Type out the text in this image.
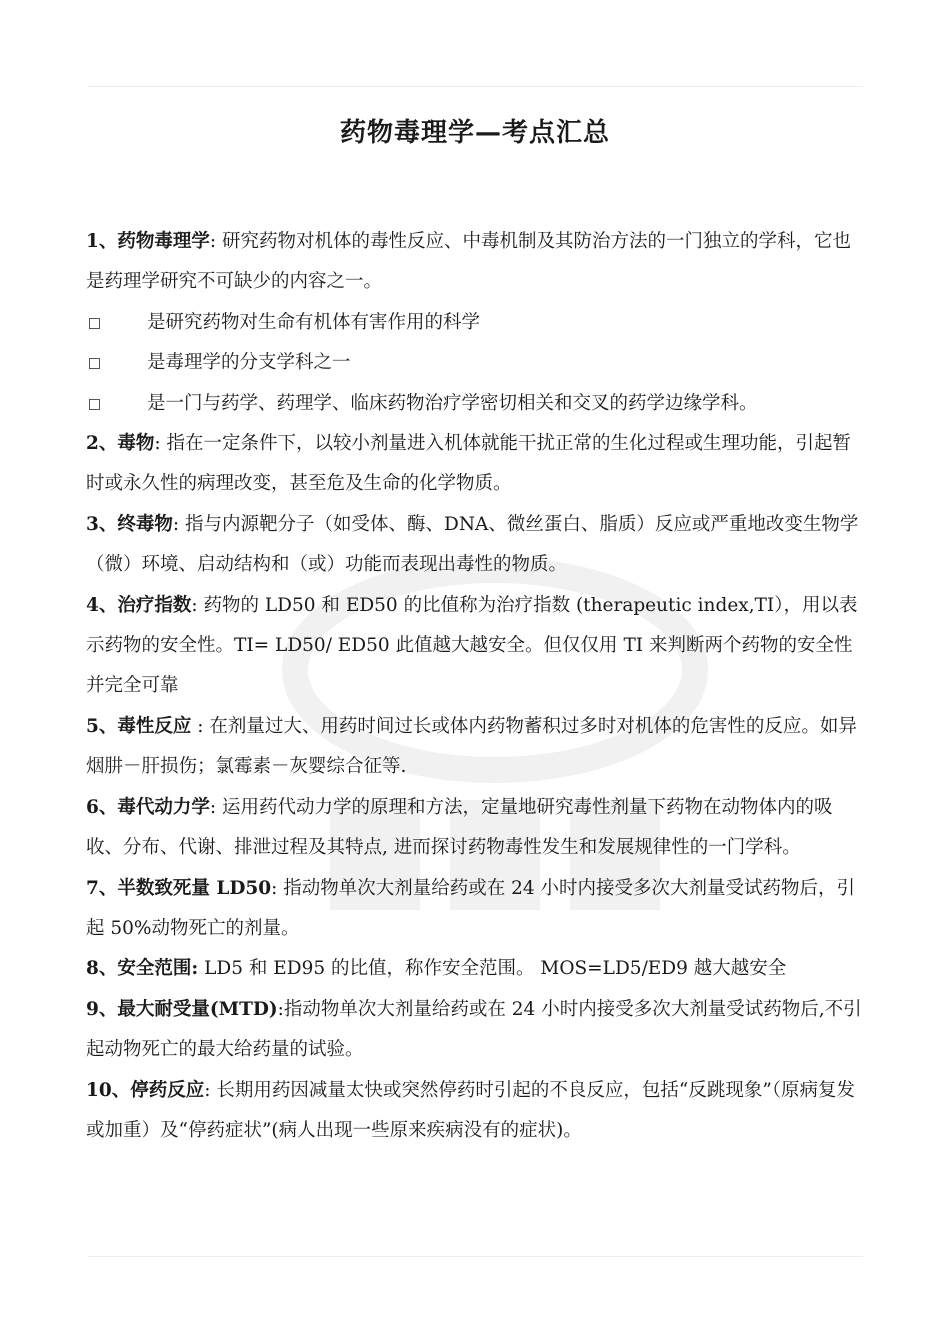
药物毒理学—考点汇总

1、药物毒理学: 研究药物对机体的毒性反应、中毒机制及其防治方法的一门独立的学科，它也是药理学研究不可缺少的内容之一。

是研究药物对生命有机体有害作用的科学
是毒理学的分支学科之一
是一门与药学、药理学、临床药物治疗学密切相关和交叉的药学边缘学科。

2、毒物: 指在一定条件下，以较小剂量进入机体就能干扰正常的生化过程或生理功能，引起暂时或永久性的病理改变，甚至危及生命的化学物质。

3、终毒物: 指与内源靶分子（如受体、酶、DNA、微丝蛋白、脂质）反应或严重地改变生物学（微）环境、启动结构和（或）功能而表现出毒性的物质。

4、治疗指数: 药物的 LD50 和 ED50 的比值称为治疗指数 (therapeutic index,TI），用以表示药物的安全性。TI= LD50/ ED50 此值越大越安全。但仅仅用 TI 来判断两个药物的安全性并完全可靠

5、毒性反应 : 在剂量过大、用药时间过长或体内药物蓄积过多时对机体的危害性的反应。如异烟肼－肝损伤；氯霉素－灰婴综合征等.

6、毒代动力学: 运用药代动力学的原理和方法，定量地研究毒性剂量下药物在动物体内的吸收、分布、代谢、排泄过程及其特点, 进而探讨药物毒性发生和发展规律性的一门学科。

7、半数致死量 LD50: 指动物单次大剂量给药或在 24 小时内接受多次大剂量受试药物后，引起 50%动物死亡的剂量。

8、安全范围: LD5 和 ED95 的比值，称作安全范围。 MOS=LD5/ED9 越大越安全

9、最大耐受量(MTD):指动物单次大剂量给药或在 24 小时内接受多次大剂量受试药物后,不引起动物死亡的最大给药量的试验。

10、停药反应: 长期用药因减量太快或突然停药时引起的不良反应，包括“反跳现象”（原病复发或加重）及“停药症状”(病人出现一些原来疾病没有的症状)。
